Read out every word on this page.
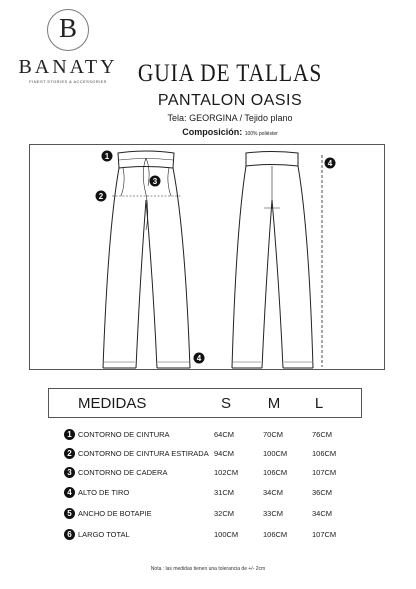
B
BANATY
FINEST STORIES & ACCESSORIES	GUIA DE TALLAS
PANTALON OASIS
Tela: GEORGINA / Tejido plano
Composición: 100% poliéster
1
2
3
4
4
MEDIDAS	S	M	L
1 CONTORNO DE CINTURA	64CM	70CM	76CM
2 CONTORNO DE CINTURA ESTIRADA 94CM	100CM	106CM
3 CONTORNO DE CADERA	102CM	106CM	107CM
4 ALTO DE TIRO	31CM	34CM	36CM
5 ANCHO DE BOTAPIE	32CM	33CM	34CM
6 LARGO TOTAL	100CM	106CM	107CM
Nota : las medidas tienen una tolerancia de +/- 2cm
